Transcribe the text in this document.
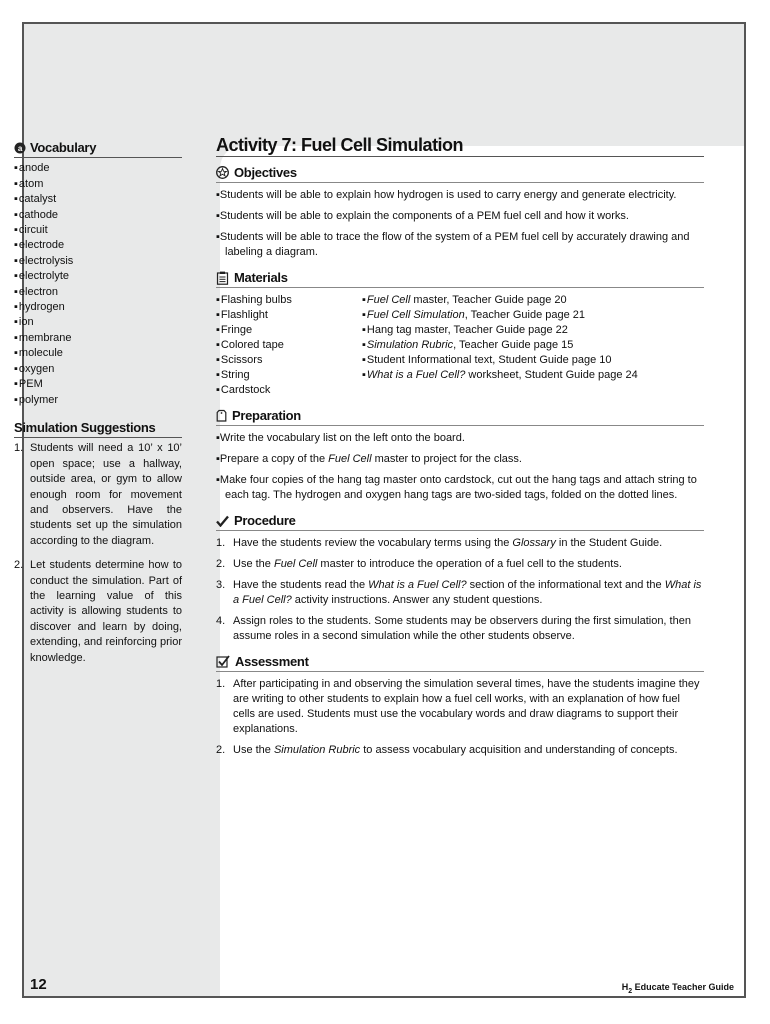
a Vocabulary
▪ anode
▪ atom
▪ catalyst
▪ cathode
▪ circuit
▪ electrode
▪ electrolysis
▪ electrolyte
▪ electron
▪ hydrogen
▪ ion
▪ membrane
▪ molecule
▪ oxygen
▪ PEM
▪ polymer
Simulation Suggestions
1. Students will need a 10’ x 10’ open space; use a hallway, outside area, or gym to allow enough room for movement and observers. Have the students set up the simulation according to the diagram.
2. Let students determine how to conduct the simulation. Part of the learning value of this activity is allowing students to discover and learn by doing, extending, and reinforcing prior knowledge.
Activity 7: Fuel Cell Simulation
Objectives

▪ Students will be able to explain how hydrogen is used to carry energy and generate electricity.

▪ Students will be able to explain the components of a PEM fuel cell and how it works.

▪ Students will be able to trace the flow of the system of a PEM fuel cell by accurately drawing and labeling a diagram.

Materials
▪ Flashing bulbs
▪ Flashlight
▪ Fringe
▪ Colored tape
▪ Scissors
▪ String
▪ Cardstock
▪ Fuel Cell master, Teacher Guide page 20
▪ Fuel Cell Simulation, Teacher Guide page 21
▪ Hang tag master, Teacher Guide page 22
▪ Simulation Rubric, Teacher Guide page 15
▪ Student Informational text, Student Guide page 10
▪ What is a Fuel Cell? worksheet, Student Guide page 24
Preparation

▪ Write the vocabulary list on the left onto the board.

▪ Prepare a copy of the Fuel Cell master to project for the class.

▪ Make four copies of the hang tag master onto cardstock, cut out the hang tags and attach string to each tag. The hydrogen and oxygen hang tags are two-sided tags, folded on the dotted lines.

Procedure
1. Have the students review the vocabulary terms using the Glossary in the Student Guide.
2. Use the Fuel Cell master to introduce the operation of a fuel cell to the students.
3. Have the students read the What is a Fuel Cell? section of the informational text and the What is a Fuel Cell? activity instructions. Answer any student questions.
4. Assign roles to the students. Some students may be observers during the first simulation, then assume roles in a second simulation while the other students observe.
Assessment
1. After participating in and observing the simulation several times, have the students imagine they are writing to other students to explain how a fuel cell works, with an explanation of how fuel cells are used. Students must use the vocabulary words and draw diagrams to support their explanations.
2. Use the Simulation Rubric to assess vocabulary acquisition and understanding of concepts.
12	$H_2$ Educate Teacher Guide
